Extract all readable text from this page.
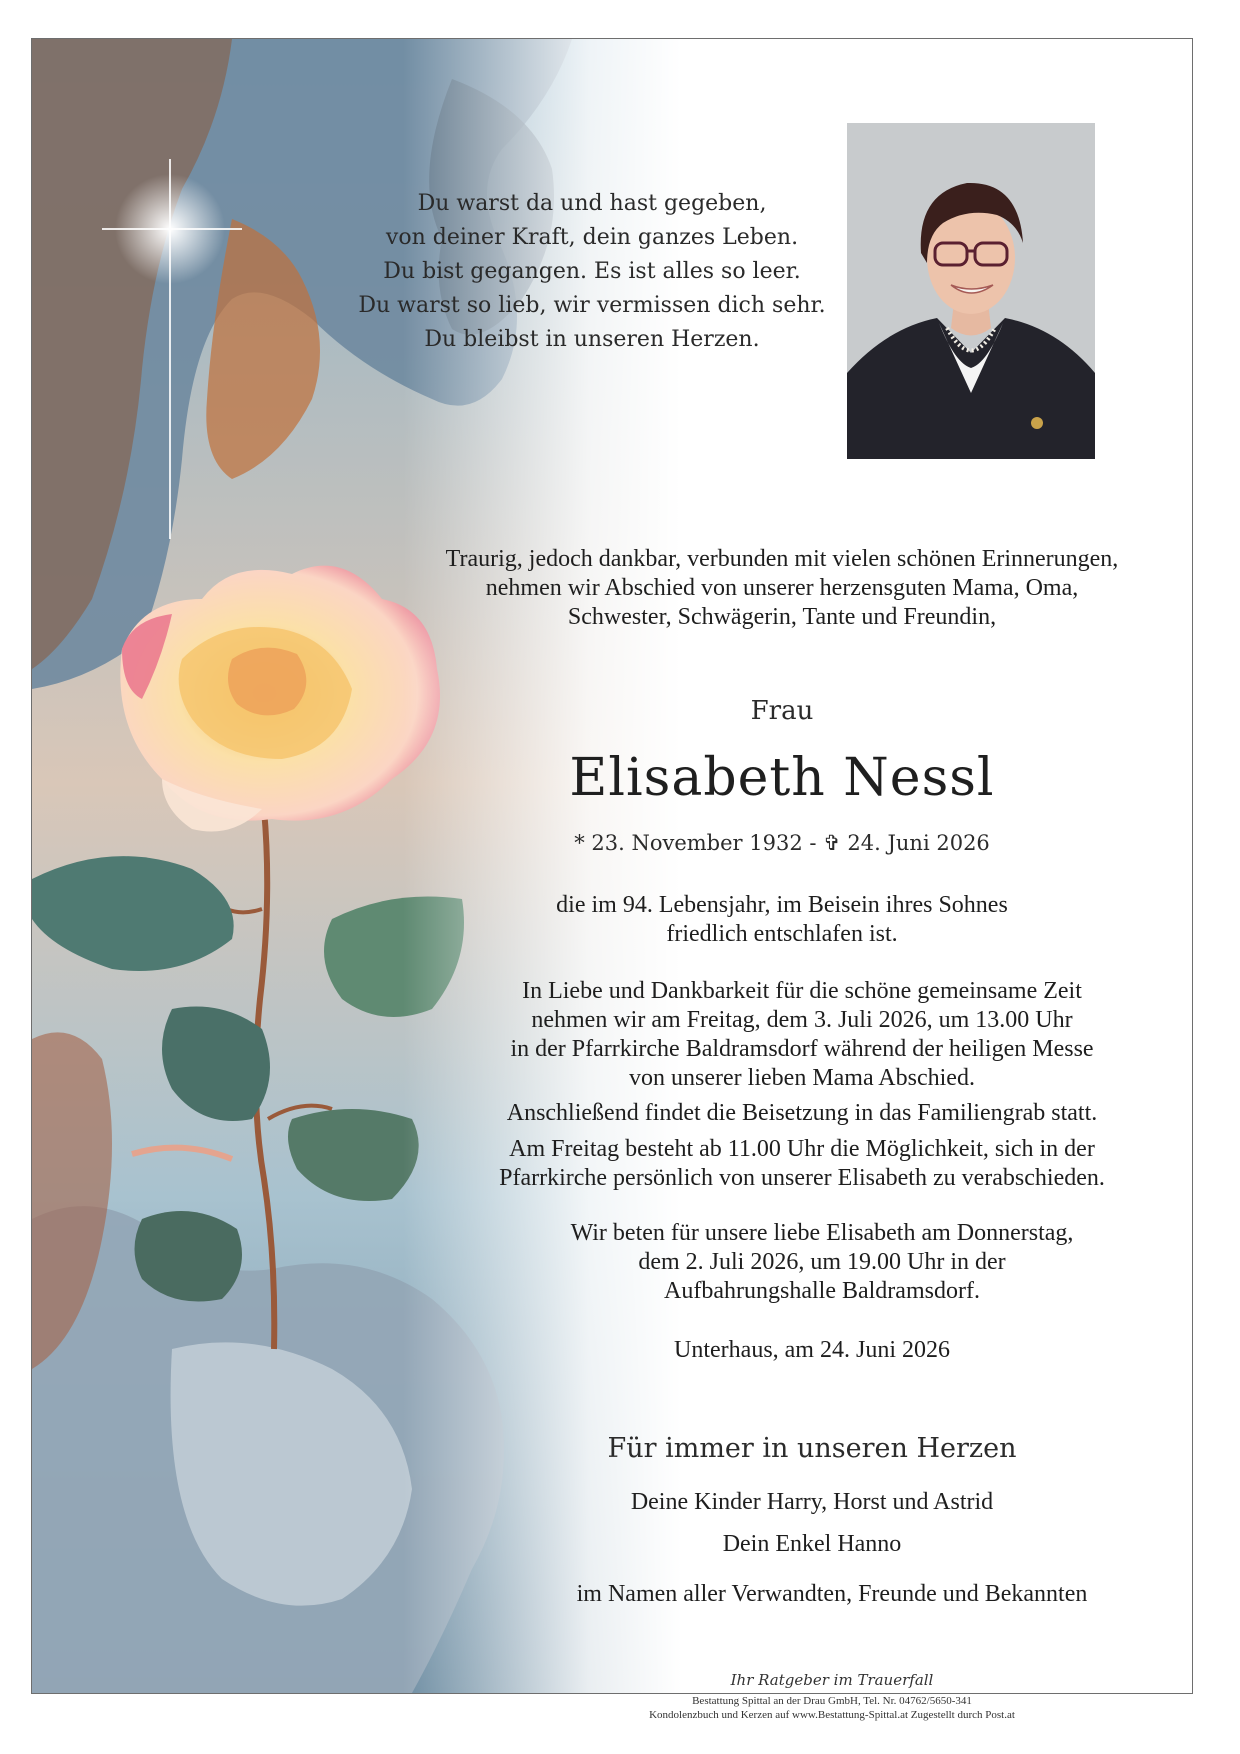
Du warst da und hast gegeben,
von deiner Kraft, dein ganzes Leben.
Du bist gegangen. Es ist alles so leer.
Du warst so lieb, wir vermissen dich sehr.
Du bleibst in unseren Herzen.
Traurig, jedoch dankbar, verbunden mit vielen schönen Erinnerungen,
nehmen wir Abschied von unserer herzensguten Mama, Oma,
Schwester, Schwägerin, Tante und Freundin,
Frau
Elisabeth Nessl
* 23. November 1932 - ✞ 24. Juni 2026
die im 94. Lebensjahr, im Beisein ihres Sohnes
friedlich entschlafen ist.
In Liebe und Dankbarkeit für die schöne gemeinsame Zeit
nehmen wir am Freitag, dem 3. Juli 2026, um 13.00 Uhr
in der Pfarrkirche Baldramsdorf während der heiligen Messe
von unserer lieben Mama Abschied.
Anschließend findet die Beisetzung in das Familiengrab statt.
Am Freitag besteht ab 11.00 Uhr die Möglichkeit, sich in der
Pfarrkirche persönlich von unserer Elisabeth zu verabschieden.
Wir beten für unsere liebe Elisabeth am Donnerstag,
dem 2. Juli 2026, um 19.00 Uhr in der
Aufbahrungshalle Baldramsdorf.
Unterhaus, am 24. Juni 2026
Für immer in unseren Herzen
Deine Kinder Harry, Horst und Astrid
Dein Enkel Hanno
im Namen aller Verwandten, Freunde und Bekannten
Ihr Ratgeber im Trauerfall
Bestattung Spittal an der Drau GmbH, Tel. Nr. 04762/5650-341
Kondolenzbuch und Kerzen auf www.Bestattung-Spittal.at Zugestellt durch Post.at
